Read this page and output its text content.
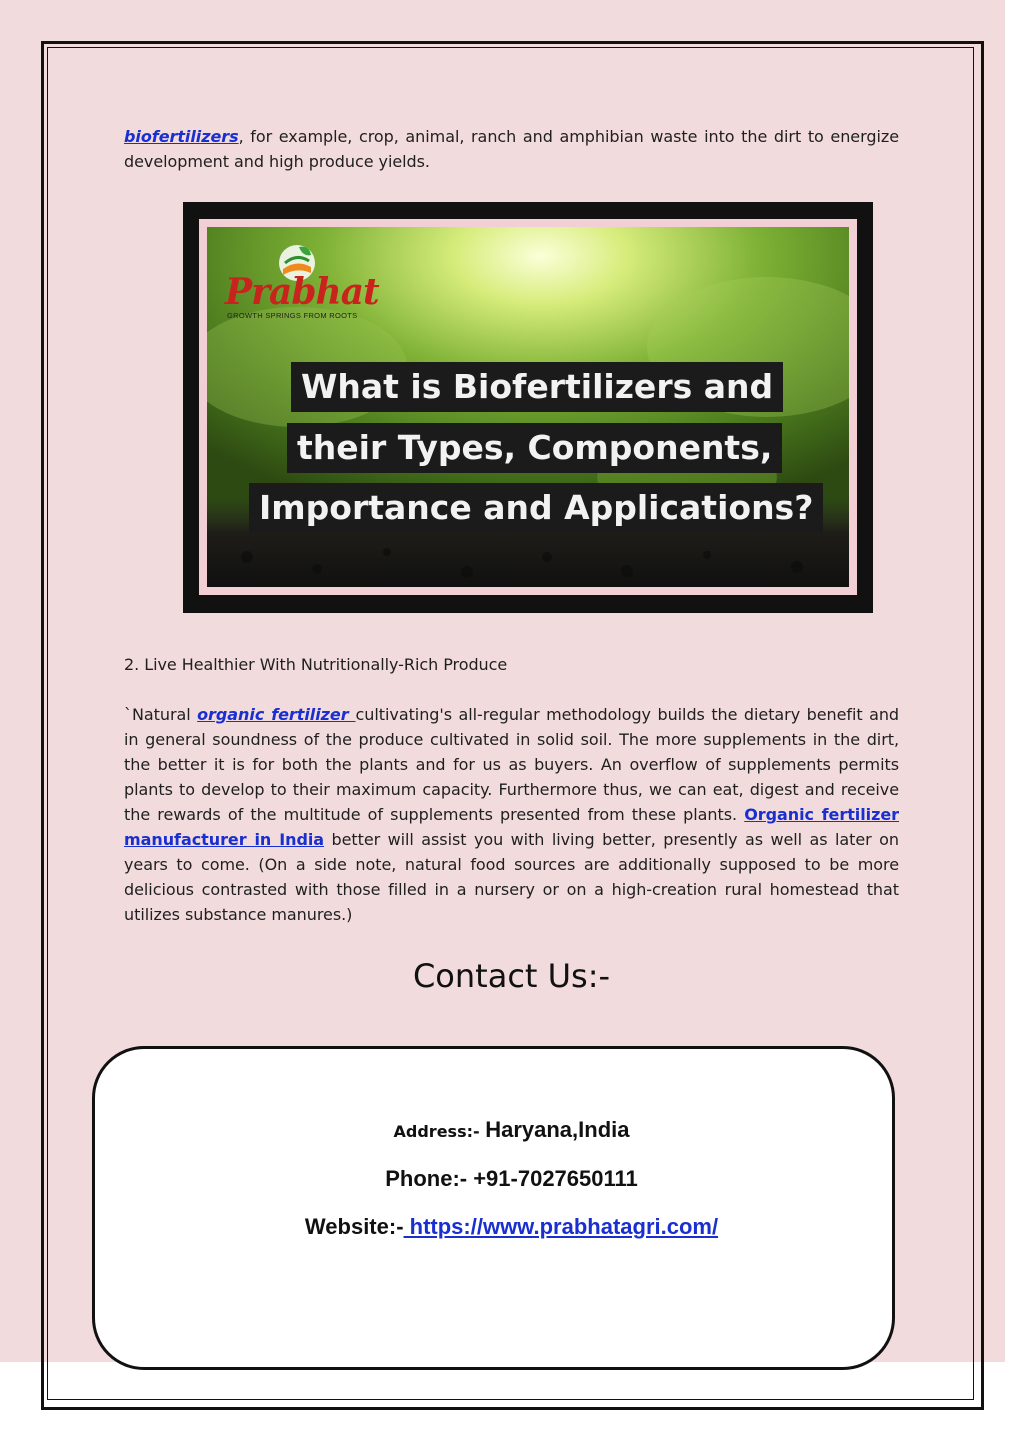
biofertilizers, for example, crop, animal, ranch and amphibian waste into the dirt to energize development and high produce yields.
Prabhat
GROWTH SPRINGS FROM ROOTS
What is Biofertilizers and
their Types, Components,
Importance and Applications?
2. Live Healthier With Nutritionally-Rich Produce
`Natural organic fertilizer cultivating's all-regular methodology builds the dietary benefit and in general soundness of the produce cultivated in solid soil. The more supplements in the dirt, the better it is for both the plants and for us as buyers. An overflow of supplements permits plants to develop to their maximum capacity. Furthermore thus, we can eat, digest and receive the rewards of the multitude of supplements presented from these plants. Organic fertilizer manufacturer in India better will assist you with living better, presently as well as later on years to come. (On a side note, natural food sources are additionally supposed to be more delicious contrasted with those filled in a nursery or on a high-creation rural homestead that utilizes substance manures.)
Contact Us:-
Address:- Haryana,India
Phone:- +91-7027650111
Website:- https://www.prabhatagri.com/
